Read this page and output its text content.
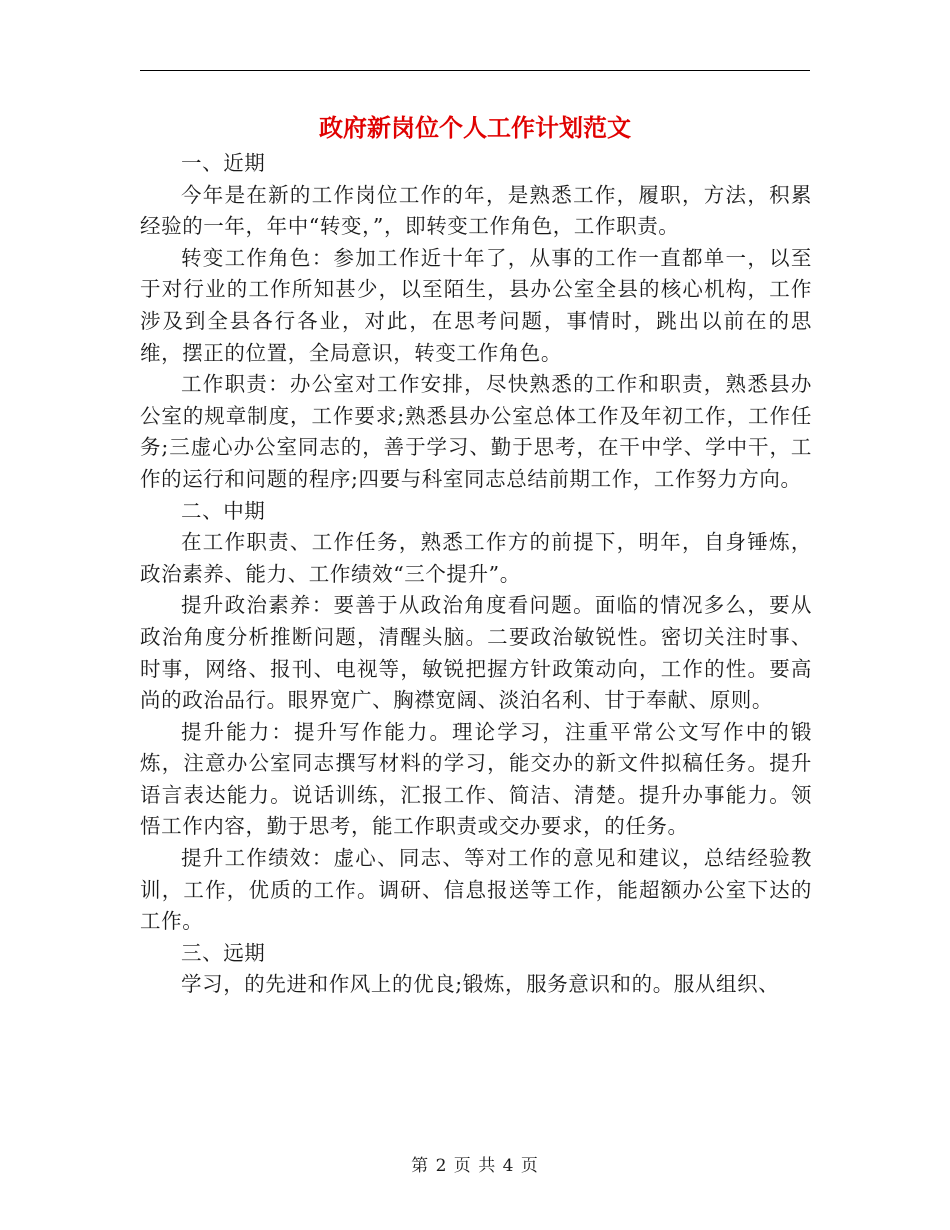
政府新岗位个人工作计划范文

一、近期

今年是在新的工作岗位工作的年，是熟悉工作，履职，方法，积累经验的一年，年中“转变，”，即转变工作角色，工作职责。

转变工作角色：参加工作近十年了，从事的工作一直都单一，以至于对行业的工作所知甚少，以至陌生，县办公室全县的核心机构，工作涉及到全县各行各业，对此，在思考问题，事情时，跳出以前在的思维，摆正的位置，全局意识，转变工作角色。

工作职责：办公室对工作安排，尽快熟悉的工作和职责，熟悉县办公室的规章制度，工作要求;熟悉县办公室总体工作及年初工作，工作任务;三虚心办公室同志的，善于学习、勤于思考，在干中学、学中干，工作的运行和问题的程序;四要与科室同志总结前期工作，工作努力方向。

二、中期

在工作职责、工作任务，熟悉工作方的前提下，明年，自身锤炼，政治素养、能力、工作绩效“三个提升”。

提升政治素养：要善于从政治角度看问题。面临的情况多么，要从政治角度分析推断问题，清醒头脑。二要政治敏锐性。密切关注时事、时事，网络、报刊、电视等，敏锐把握方针政策动向，工作的性。要高尚的政治品行。眼界宽广、胸襟宽阔、淡泊名利、甘于奉献、原则。

提升能力：提升写作能力。理论学习，注重平常公文写作中的锻炼，注意办公室同志撰写材料的学习，能交办的新文件拟稿任务。提升语言表达能力。说话训练，汇报工作、简洁、清楚。提升办事能力。领悟工作内容，勤于思考，能工作职责或交办要求，的任务。

提升工作绩效：虚心、同志、等对工作的意见和建议，总结经验教训，工作，优质的工作。调研、信息报送等工作，能超额办公室下达的工作。

三、远期

学习，的先进和作风上的优良;锻炼，服务意识和的。服从组织、

第 2 页 共 4 页
